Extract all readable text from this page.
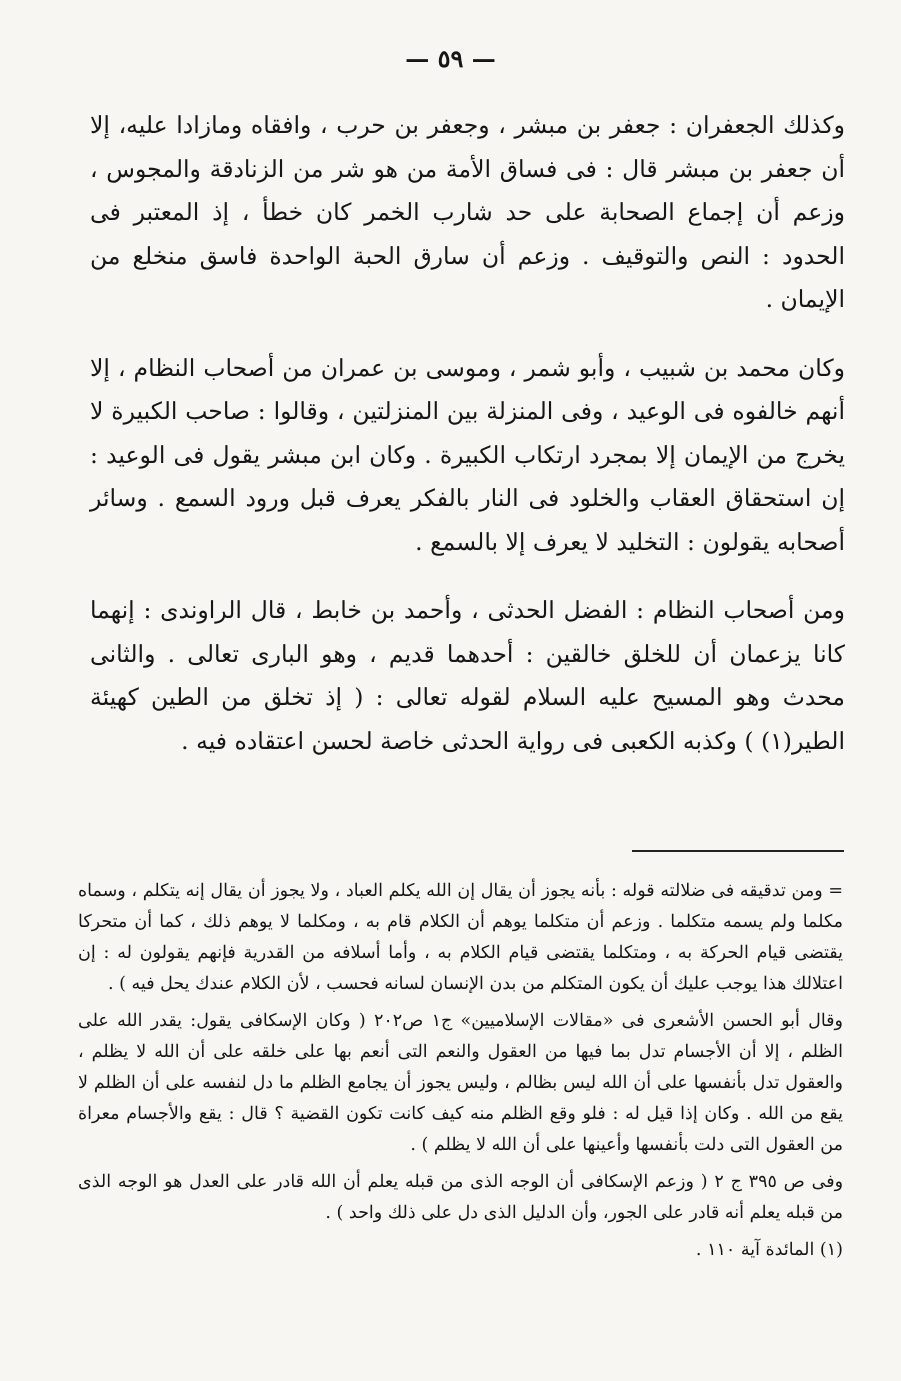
— ٥٩ —

وكذلك الجعفران : جعفر بن مبشر ، وجعفر بن حرب ، وافقاه ومازادا عليه، إلا أن جعفر بن مبشر قال : فى فساق الأمة من هو شر من الزنادقة والمجوس ، وزعم أن إجماع الصحابة على حد شارب الخمر كان خطأ ، إذ المعتبر فى الحدود : النص والتوقيف . وزعم أن سارق الحبة الواحدة فاسق منخلع من الإيمان .

وكان محمد بن شبيب ، وأبو شمر ، وموسى بن عمران من أصحاب النظام ، إلا أنهم خالفوه فى الوعيد ، وفى المنزلة بين المنزلتين ، وقالوا : صاحب الكبيرة لا يخرج من الإيمان إلا بمجرد ارتكاب الكبيرة . وكان ابن مبشر يقول فى الوعيد : إن استحقاق العقاب والخلود فى النار بالفكر يعرف قبل ورود السمع . وسائر أصحابه يقولون : التخليد لا يعرف إلا بالسمع .

ومن أصحاب النظام : الفضل الحدثى ، وأحمد بن خابط ، قال الراوندى : إنهما كانا يزعمان أن للخلق خالقين : أحدهما قديم ، وهو البارى تعالى . والثانى محدث وهو المسيح عليه السلام لقوله تعالى : ( إذ تخلق من الطين كهيئة الطير(١) ) وكذبه الكعبى فى رواية الحدثى خاصة لحسن اعتقاده فيه .

= ومن تدقيقه فى ضلالته قوله : بأنه يجوز أن يقال إن الله يكلم العباد ، ولا يجوز أن يقال إنه يتكلم ، وسماه مكلما ولم يسمه متكلما . وزعم أن متكلما يوهم أن الكلام قام به ، ومكلما لا يوهم ذلك ، كما أن متحركا يقتضى قيام الحركة به ، ومتكلما يقتضى قيام الكلام به ، وأما أسلافه من القدرية فإنهم يقولون له : إن اعتلالك هذا يوجب عليك أن يكون المتكلم من بدن الإنسان لسانه فحسب ، لأن الكلام عندك يحل فيه ) .

وقال أبو الحسن الأشعرى فى «مقالات الإسلاميين» ج١ ص٢٠٢ ( وكان الإسكافى يقول: يقدر الله على الظلم ، إلا أن الأجسام تدل بما فيها من العقول والنعم التى أنعم بها على خلقه على أن الله لا يظلم ، والعقول تدل بأنفسها على أن الله ليس بظالم ، وليس يجوز أن يجامع الظلم ما دل لنفسه على أن الظلم لا يقع من الله . وكان إذا قيل له : فلو وقع الظلم منه كيف كانت تكون القضية ؟ قال : يقع والأجسام معراة من العقول التى دلت بأنفسها وأعينها على أن الله لا يظلم ) .

وفى ص ٣٩٥ ج ٢ ( وزعم الإسكافى أن الوجه الذى من قبله يعلم أن الله قادر على العدل هو الوجه الذى من قبله يعلم أنه قادر على الجور، وأن الدليل الذى دل على ذلك واحد ) .

(١) المائدة آية ١١٠ .
